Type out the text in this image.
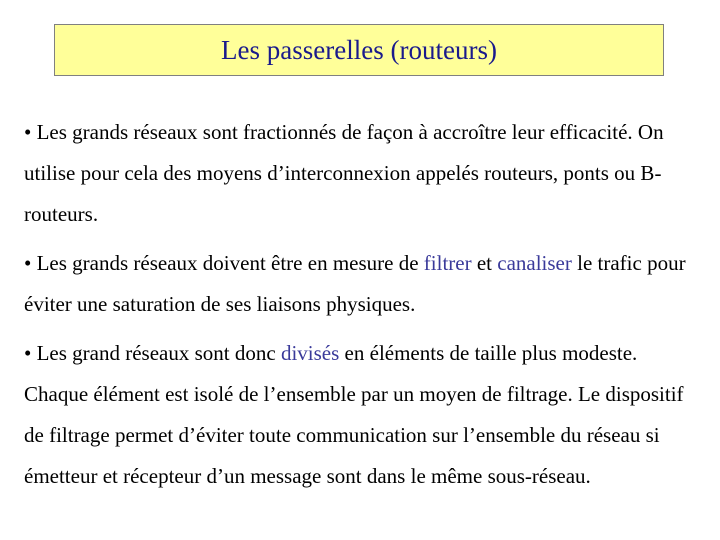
Les passerelles (routeurs)

• Les grands réseaux sont fractionnés de façon à accroître leur efficacité. On utilise pour cela des moyens d’interconnexion appelés routeurs, ponts ou B-routeurs.

• Les grands réseaux doivent être en mesure de filtrer et canaliser le trafic pour éviter une saturation de ses liaisons physiques.

• Les grand réseaux sont donc divisés en éléments de taille plus modeste. Chaque élément est isolé de l’ensemble par un moyen de filtrage. Le dispositif de filtrage permet d’éviter toute communication sur l’ensemble du réseau si émetteur et récepteur d’un message sont dans le même sous-réseau.
